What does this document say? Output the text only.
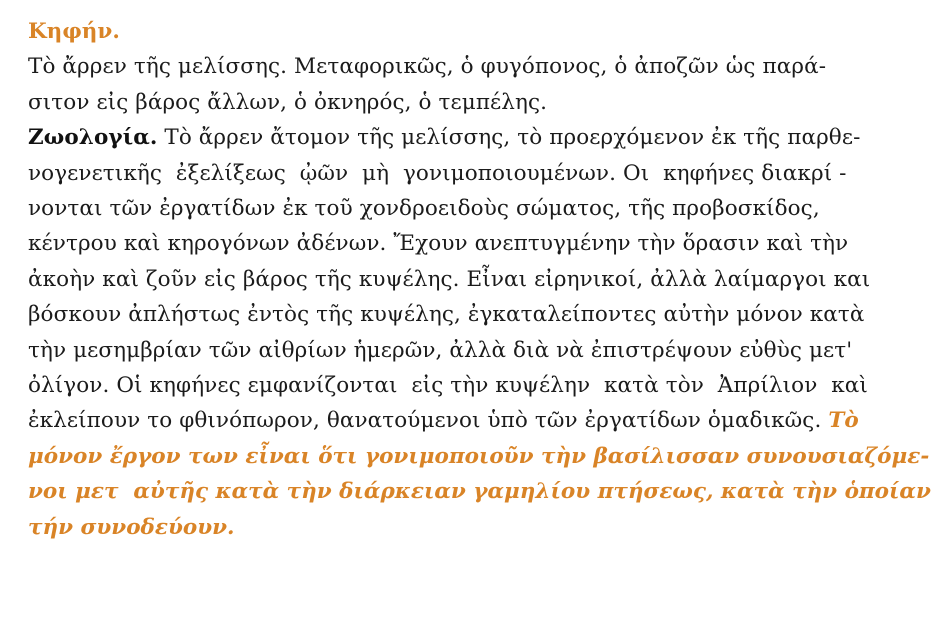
Κηφήν.
Τὸ ἄρρεν τῆς μελίσσης. Μεταφορικῶς, ὁ φυγόπονος, ὁ ἀποζῶν ὡς παρά-
σιτον εἰς βάρος ἄλλων, ὁ ὀκνηρός, ὁ τεμπέλης.
Ζωολογία. Τὸ ἄρρεν ἄτομον τῆς μελίσσης, τὸ προερχόμενον ἐκ τῆς παρθε-
νογενετικῆς  ἐξελίξεως  ᾠῶν  μὴ  γονιμοποιουμένων. Οι  κηφήνες διακρί -
νονται τῶν ἐργατίδων ἐκ τοῦ χονδροειδοὺς σώματος, τῆς προβοσκίδος,
κέντρου καὶ κηρογόνων ἀδένων. Ἔχουν ανεπτυγμένην τὴν ὅρασιν καὶ τὴν
ἀκοὴν καὶ ζοῦν εἰς βάρος τῆς κυψέλης. Εἶναι εἰρηνικοί, ἀλλὰ λαίμαργοι και
βόσκουν ἀπλήστως ἐντὸς τῆς κυψέλης, ἐγκαταλείποντες αὐτὴν μόνον κατὰ
τὴν μεσημβρίαν τῶν αἰθρίων ἡμερῶν, ἀλλὰ διὰ νὰ ἐπιστρέψουν εὐθὺς μετ'
ὀλίγον. Οἱ κηφήνες εμφανίζονται  εἰς τὴν κυψέλην  κατὰ τὸν  Ἀπρίλιον  καὶ
ἐκλείπουν το φθινόπωρον, θανατούμενοι ὑπὸ τῶν ἐργατίδων ὁμαδικῶς. Τὸ
μόνον ἔργον των εἶναι ὅτι γονιμοποιοῦν τὴν βασίλισσαν συνουσιαζόμε-
νοι μετ  αὐτῆς κατὰ τὴν διάρκειαν γαμηλίου πτήσεως, κατὰ τὴν ὁποίαν
τήν συνοδεύουν.
